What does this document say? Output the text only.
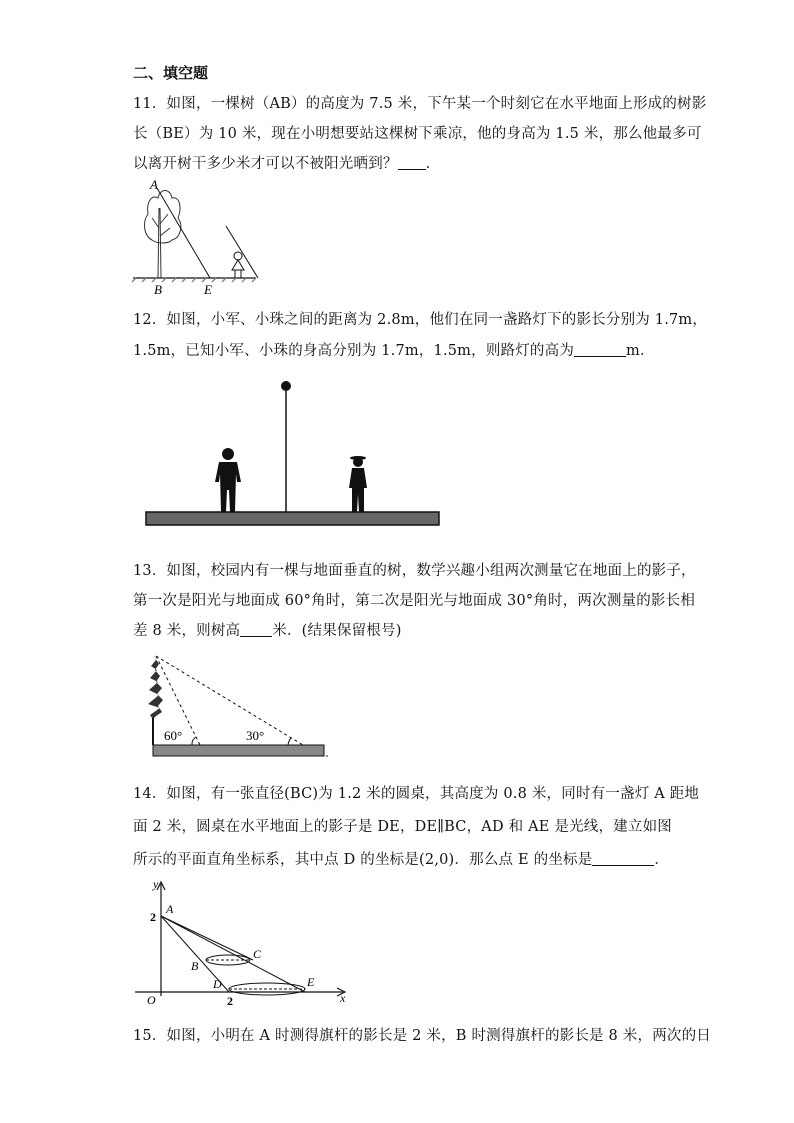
二、填空题
11．如图，一棵树（AB）的高度为 7.5 米，下午某一个时刻它在水平地面上形成的树影
长（BE）为 10 米，现在小明想要站这棵树下乘凉，他的身高为 1.5 米，那么他最多可
以离开树干多少米才可以不被阳光晒到？ ．
A
B	E
12．如图，小军、小珠之间的距离为 2.8m，他们在同一盏路灯下的影长分别为 1.7m，
1.5m，已知小军、小珠的身高分别为 1.7m，1.5m，则路灯的高为	m．
13．如图，校园内有一棵与地面垂直的树，数学兴趣小组两次测量它在地面上的影子，
第一次是阳光与地面成 60°角时，第二次是阳光与地面成 30°角时，两次测量的影长相
差 8 米，则树高 米．(结果保留根号)
60°	30°
14．如图，有一张直径(BC)为 1.2 米的圆桌，其高度为 0.8 米，同时有一盏灯 A 距地
面 2 米，圆桌在水平地面上的影子是 DE，DE∥BC，AD 和 AE 是光线，建立如图
所示的平面直角坐标系，其中点 D 的坐标是(2,0)．那么点 E 的坐标是	．
y
x
O
2
A
B
C
D	E
2
15．如图，小明在 A 时测得旗杆的影长是 2 米，B 时测得旗杆的影长是 8 米，两次的日
